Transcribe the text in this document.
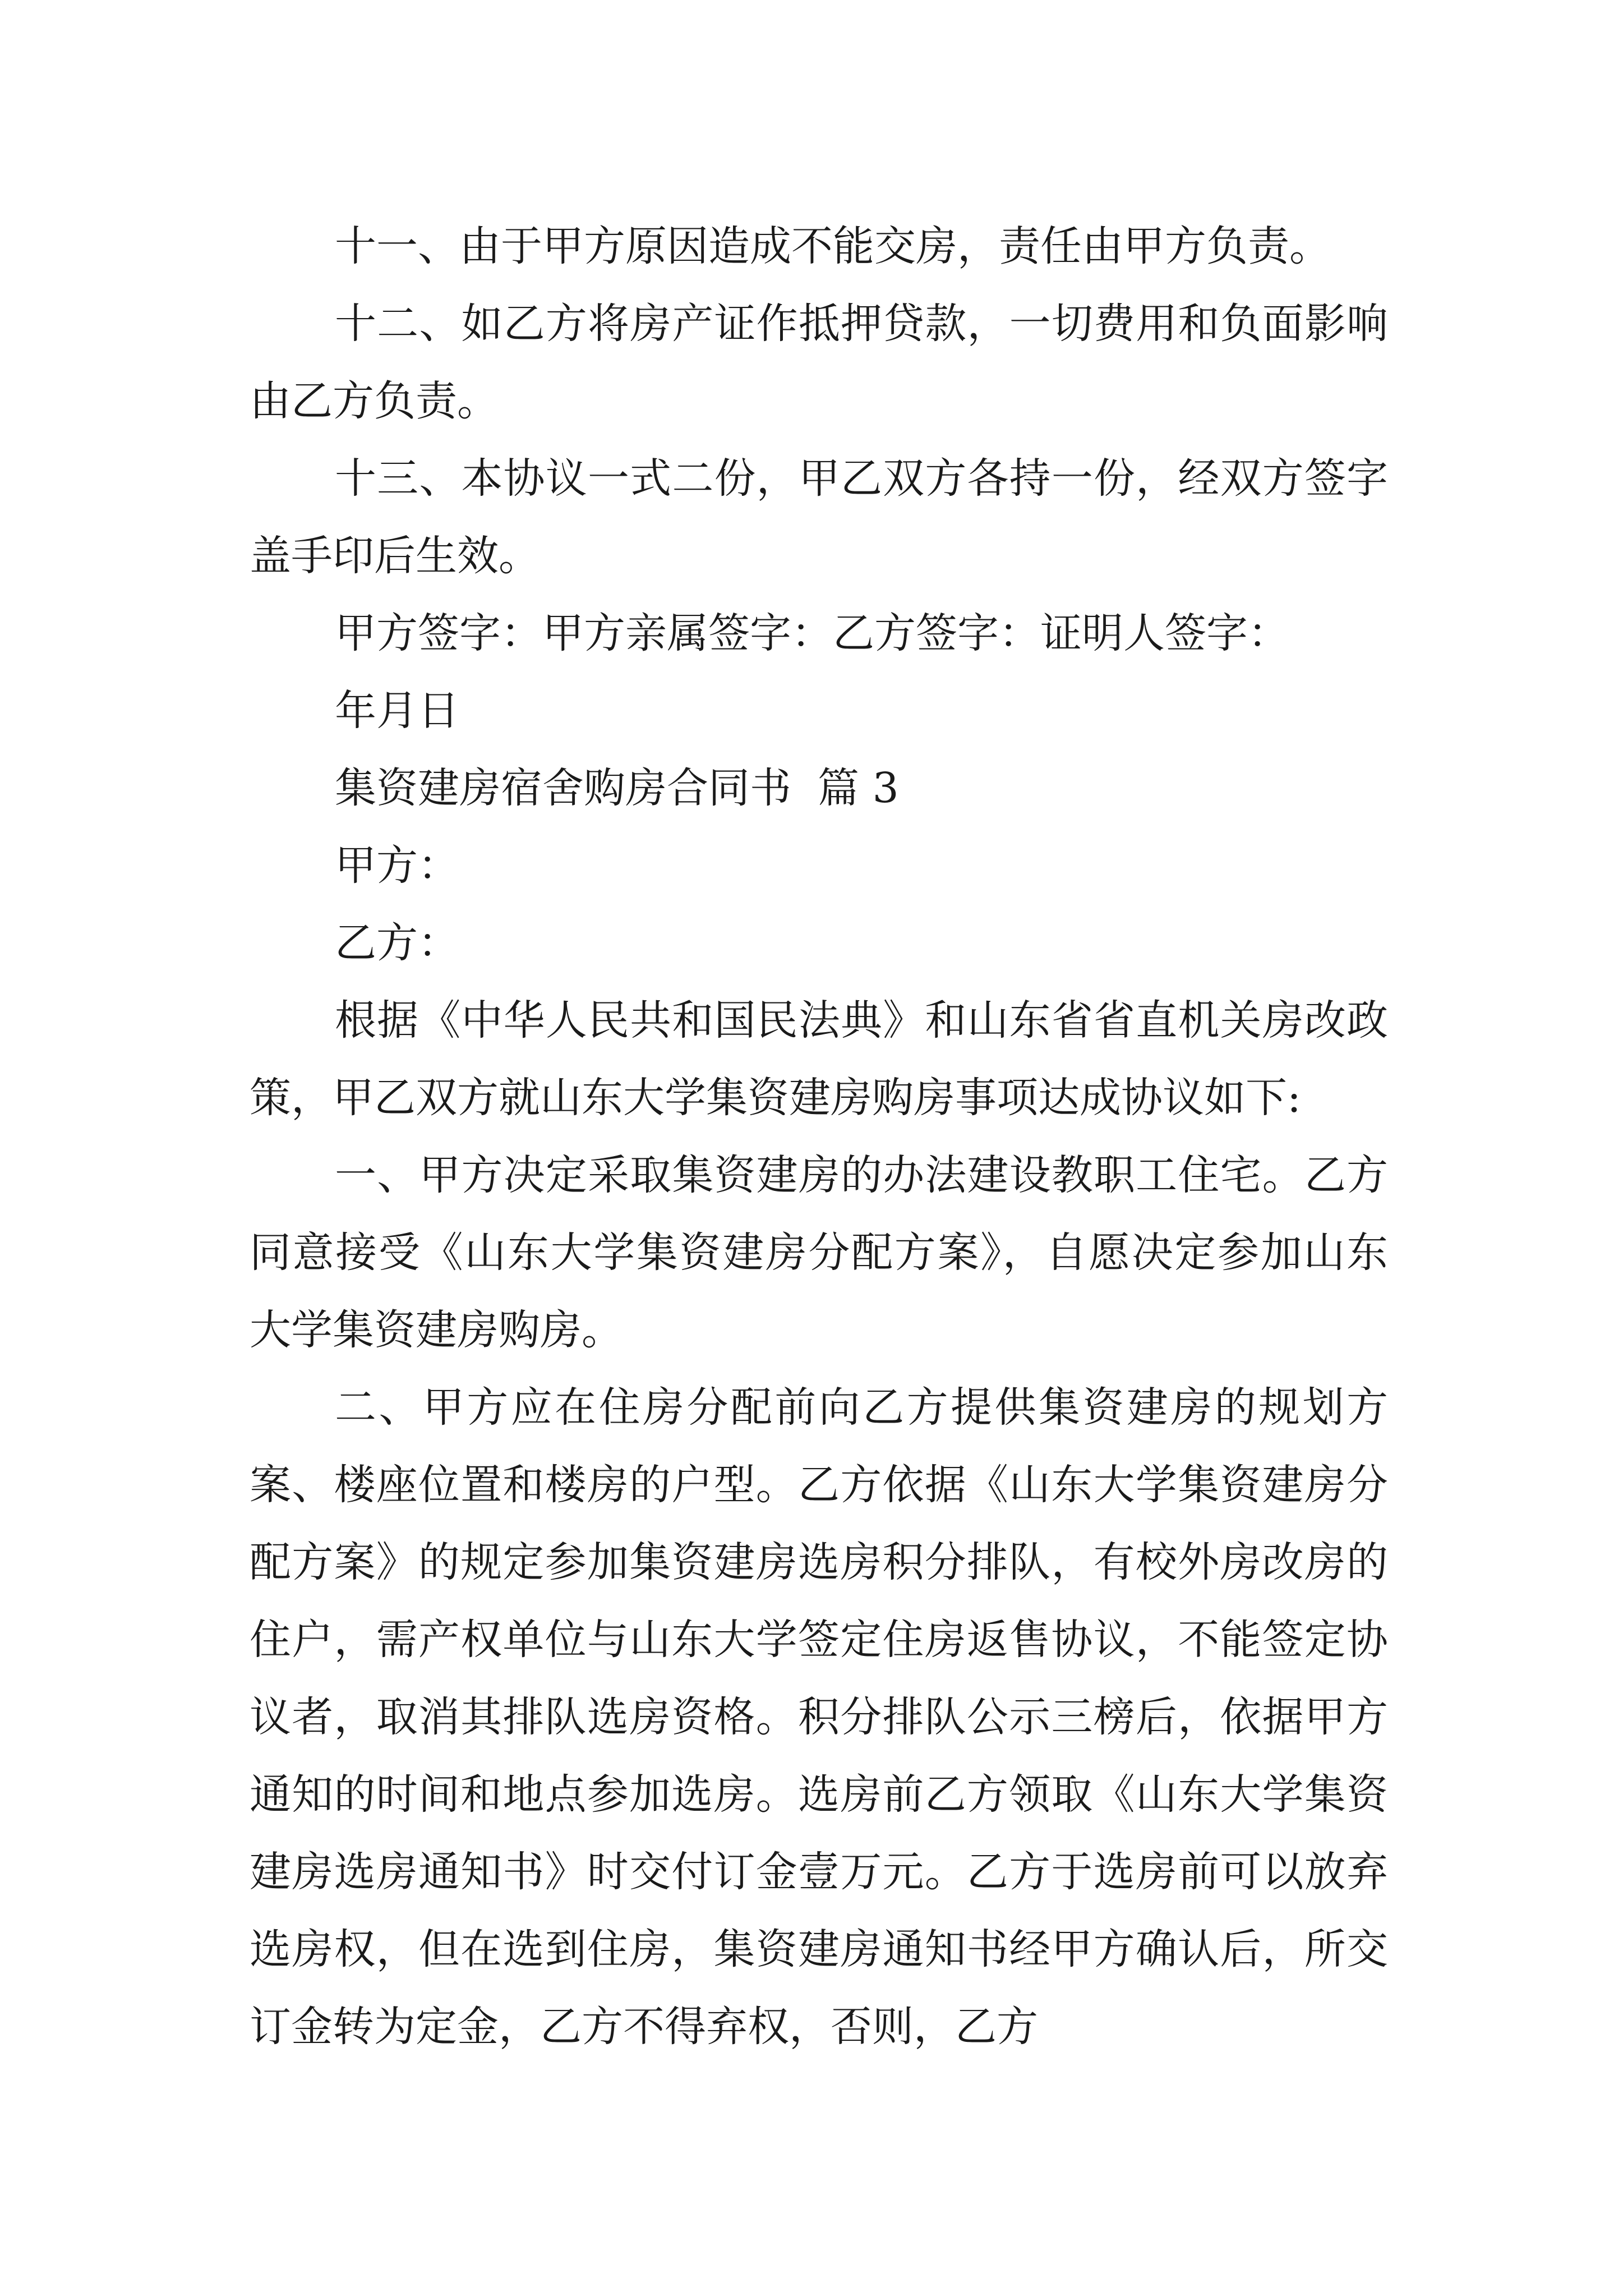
十一、由于甲方原因造成不能交房，责任由甲方负责。

十二、如乙方将房产证作抵押贷款，一切费用和负面影响由乙方负责。

十三、本协议一式二份，甲乙双方各持一份，经双方签字盖手印后生效。

甲方签字：甲方亲属签字：乙方签字：证明人签字：

年月日

集资建房宿舍购房合同书  篇 3

甲方：

乙方：

根据《中华人民共和国民法典》和山东省省直机关房改政策，甲乙双方就山东大学集资建房购房事项达成协议如下:

一、甲方决定采取集资建房的办法建设教职工住宅。乙方同意接受《山东大学集资建房分配方案》，自愿决定参加山东大学集资建房购房。

二、甲方应在住房分配前向乙方提供集资建房的规划方案、楼座位置和楼房的户型。乙方依据《山东大学集资建房分配方案》的规定参加集资建房选房积分排队，有校外房改房的住户，需产权单位与山东大学签定住房返售协议，不能签定协议者，取消其排队选房资格。积分排队公示三榜后，依据甲方通知的时间和地点参加选房。选房前乙方领取《山东大学集资建房选房通知书》时交付订金壹万元。乙方于选房前可以放弃选房权，但在选到住房，集资建房通知书经甲方确认后，所交订金转为定金，乙方不得弃权，否则，乙方
